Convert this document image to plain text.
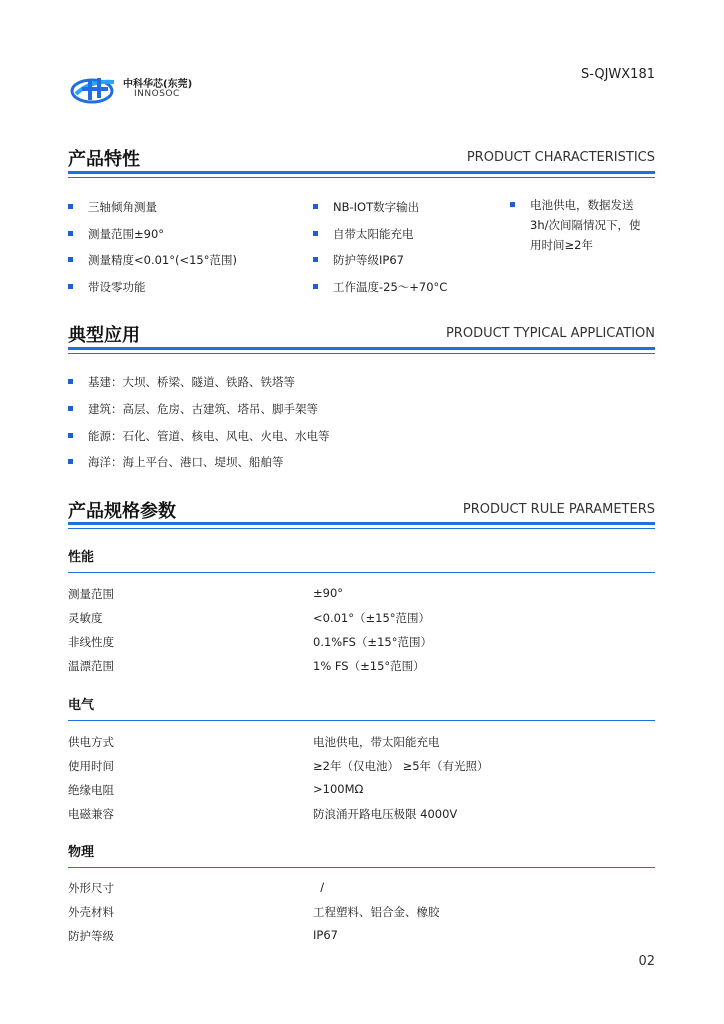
中科华芯(东莞)
INNOSOC
S-QJWX181
产品特性	PRODUCT CHARACTERISTICS
三轴倾角测量
测量范围±90°
测量精度<0.01°(<15°范围)
带设零功能
NB-IOT数字输出
自带太阳能充电
防护等级IP67
工作温度-25～+70°C
电池供电，数据发送
3h/次间隔情况下，使
用时间≥2年
典型应用	PRODUCT TYPICAL APPLICATION
基建：大坝、桥梁、隧道、铁路、铁塔等
建筑：高层、危房、古建筑、塔吊、脚手架等
能源：石化、管道、核电、风电、火电、水电等
海洋：海上平台、港口、堤坝、船舶等
产品规格参数	PRODUCT RULE PARAMETERS
性能
测量范围	±90°
灵敏度	<0.01°（±15°范围）
非线性度	0.1%FS（±15°范围）
温漂范围	1% FS（±15°范围）
电气
供电方式	电池供电，带太阳能充电
使用时间	≥2年（仅电池） ≥5年（有光照）
绝缘电阻	>100MΩ
电磁兼容	防浪涌开路电压极限 4000V
物理
外形尺寸	/
外壳材料	工程塑料、铝合金、橡胶
防护等级	IP67
02
